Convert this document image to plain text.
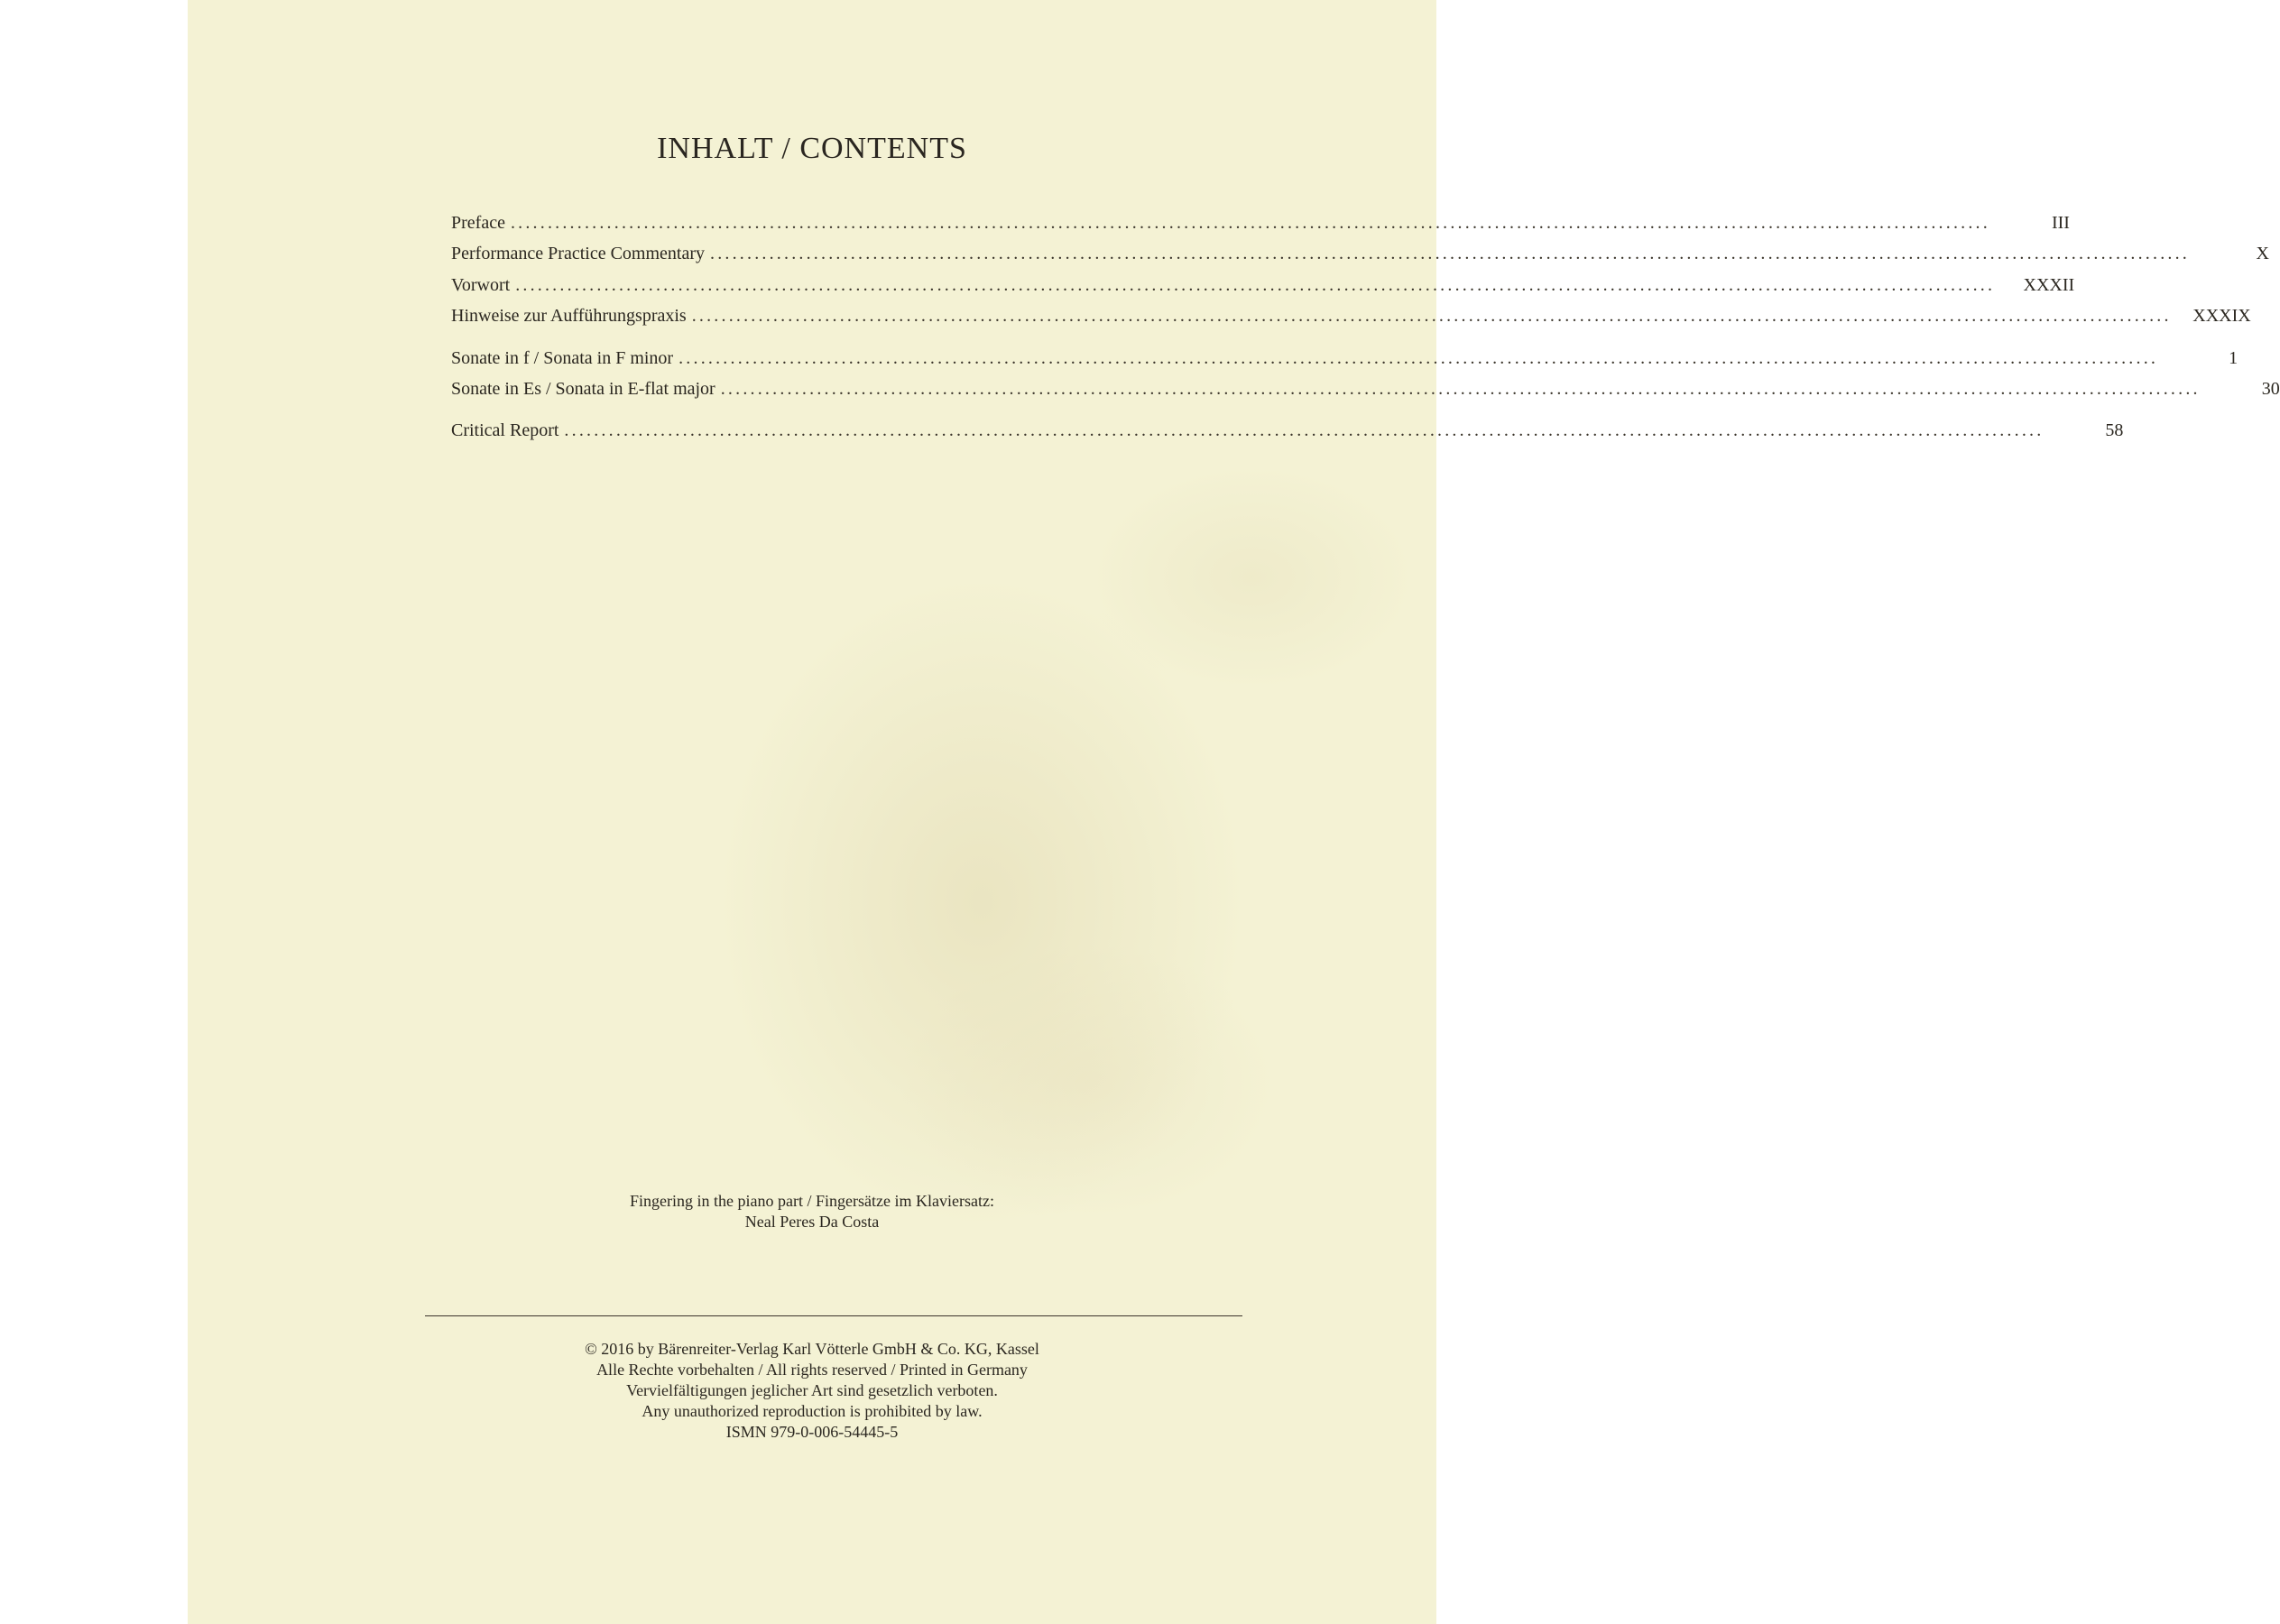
INHALT / CONTENTS
Preface ........................................................................................................................................................................................................	III
Performance Practice Commentary ........................................................................................................................................................................................................	X
Vorwort ........................................................................................................................................................................................................	XXXII
Hinweise zur Aufführungspraxis ........................................................................................................................................................................................................	XXXIX
Sonate in f / Sonata in F minor ........................................................................................................................................................................................................	1
Sonate in Es / Sonata in E-flat major ........................................................................................................................................................................................................	30
Critical Report ........................................................................................................................................................................................................	58
Fingering in the piano part / Fingersätze im Klaviersatz:
Neal Peres Da Costa
© 2016 by Bärenreiter-Verlag Karl Vötterle GmbH & Co. KG, Kassel
Alle Rechte vorbehalten / All rights reserved / Printed in Germany
Vervielfältigungen jeglicher Art sind gesetzlich verboten.
Any unauthorized reproduction is prohibited by law.
ISMN 979-0-006-54445-5
